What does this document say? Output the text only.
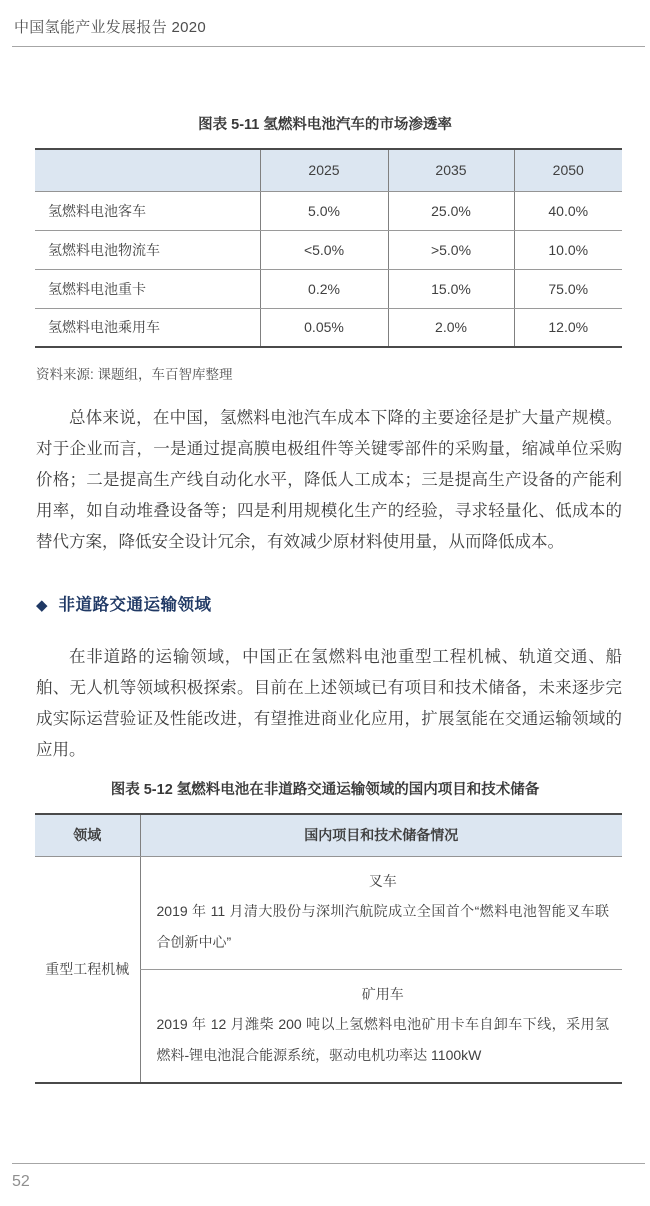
中国氢能产业发展报告 2020
图表 5-11 氢燃料电池汽车的市场渗透率
	2025	2035	2050
氢燃料电池客车	5.0%	25.0%	40.0%
氢燃料电池物流车	<5.0%	>5.0%	10.0%
氢燃料电池重卡	0.2%	15.0%	75.0%
氢燃料电池乘用车	0.05%	2.0%	12.0%
资料来源: 课题组，车百智库整理

总体来说，在中国，氢燃料电池汽车成本下降的主要途径是扩大量产规模。对于企业而言，一是通过提高膜电极组件等关键零部件的采购量，缩减单位采购价格；二是提高生产线自动化水平，降低人工成本；三是提高生产设备的产能利用率，如自动堆叠设备等；四是利用规模化生产的经验，寻求轻量化、低成本的替代方案，降低安全设计冗余，有效减少原材料使用量，从而降低成本。

◆ 非道路交通运输领域

在非道路的运输领域，中国正在氢燃料电池重型工程机械、轨道交通、船舶、无人机等领域积极探索。目前在上述领域已有项目和技术储备，未来逐步完成实际运营验证及性能改进，有望推进商业化应用，扩展氢能在交通运输领域的应用。

图表 5-12 氢燃料电池在非道路交通运输领域的国内项目和技术储备
领域	国内项目和技术储备情况
重型工程机械	叉车
2019 年 11 月清大股份与深圳汽航院成立全国首个“燃料电池智能叉车联合创新中心”

	矿用车
2019 年 12 月潍柴 200 吨以上氢燃料电池矿用卡车自卸车下线，采用氢燃料-锂电池混合能源系统，驱动电机功率达 1100kW
52
